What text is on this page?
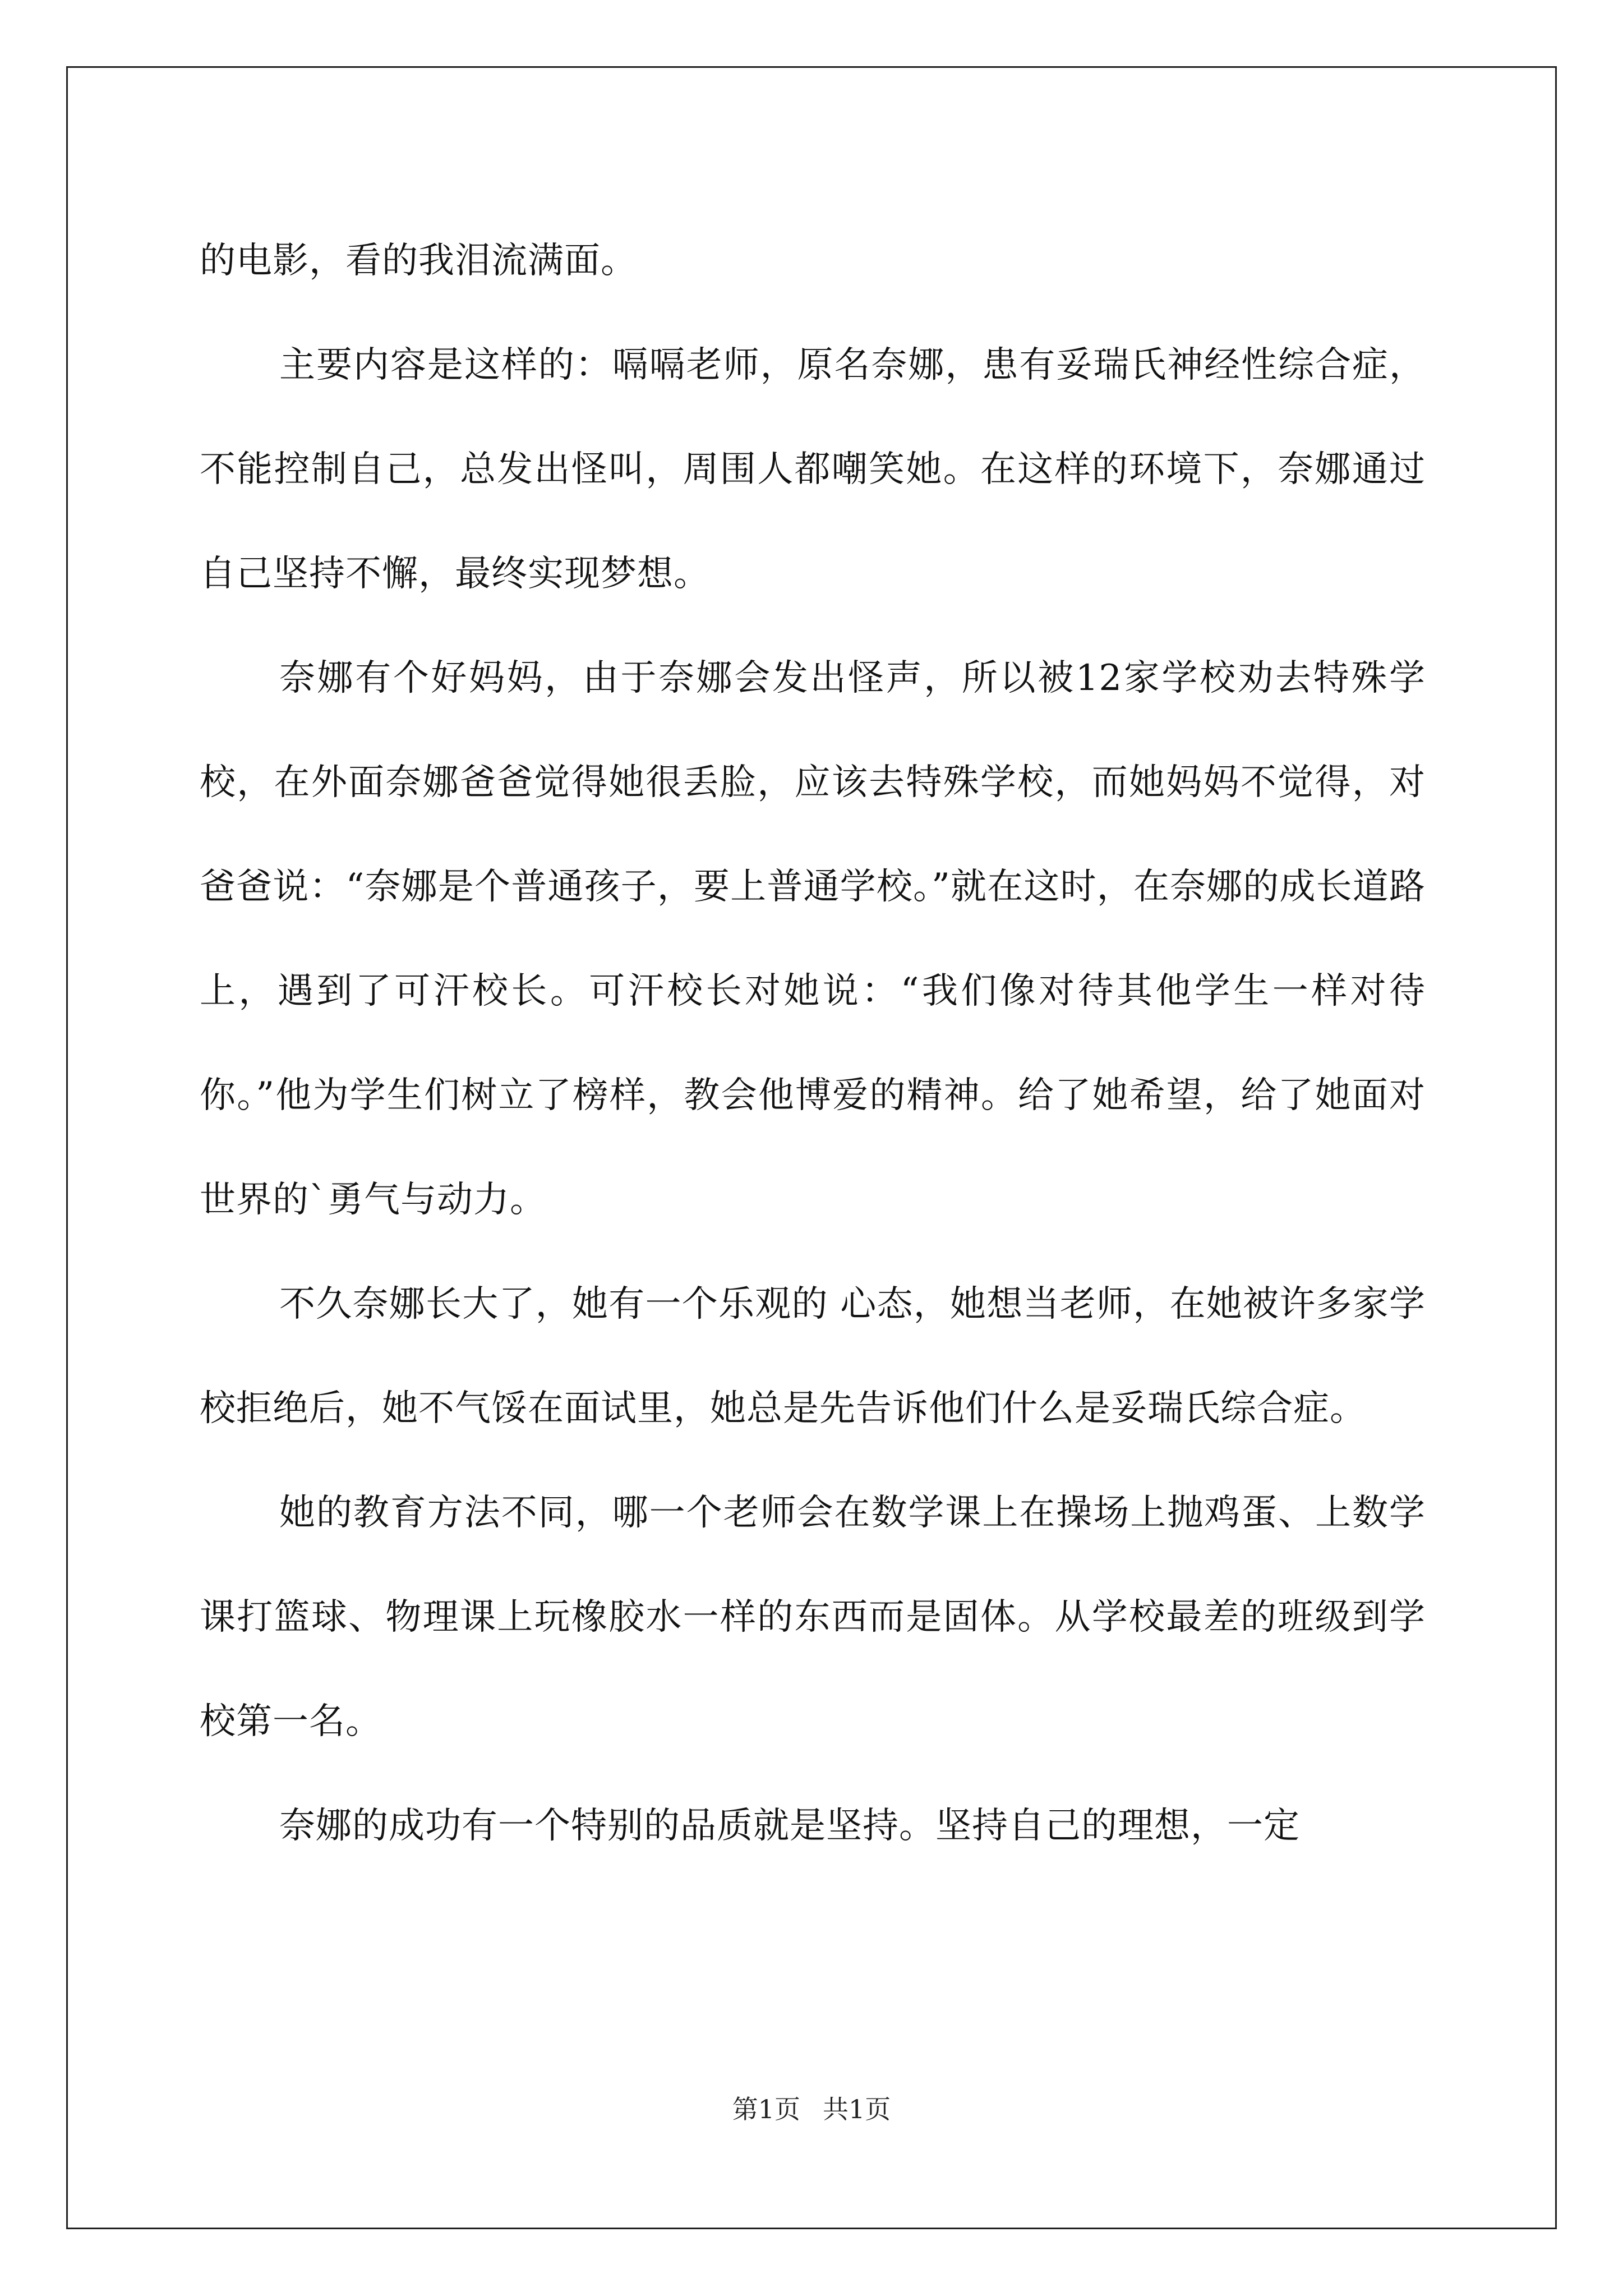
的电影，看的我泪流满面。

主要内容是这样的：嗝嗝老师，原名奈娜，患有妥瑞氏神经性综合症，不能控制自己，总发出怪叫，周围人都嘲笑她。在这样的环境下，奈娜通过自己坚持不懈，最终实现梦想。

奈娜有个好妈妈，由于奈娜会发出怪声，所以被12家学校劝去特殊学校，在外面奈娜爸爸觉得她很丢脸，应该去特殊学校，而她妈妈不觉得，对爸爸说：“奈娜是个普通孩子，要上普通学校。”就在这时，在奈娜的成长道路上，遇到了可汗校长。可汗校长对她说：“我们像对待其他学生一样对待你。”他为学生们树立了榜样，教会他博爱的精神。给了她希望，给了她面对世界的`勇气与动力。

不久奈娜长大了，她有一个乐观的 心态，她想当老师，在她被许多家学校拒绝后，她不气馁在面试里，她总是先告诉他们什么是妥瑞氏综合症。

她的教育方法不同，哪一个老师会在数学课上在操场上抛鸡蛋、上数学课打篮球、物理课上玩橡胶水一样的东西而是固体。从学校最差的班级到学校第一名。

奈娜的成功有一个特别的品质就是坚持。坚持自己的理想，一定

第1页 共1页
